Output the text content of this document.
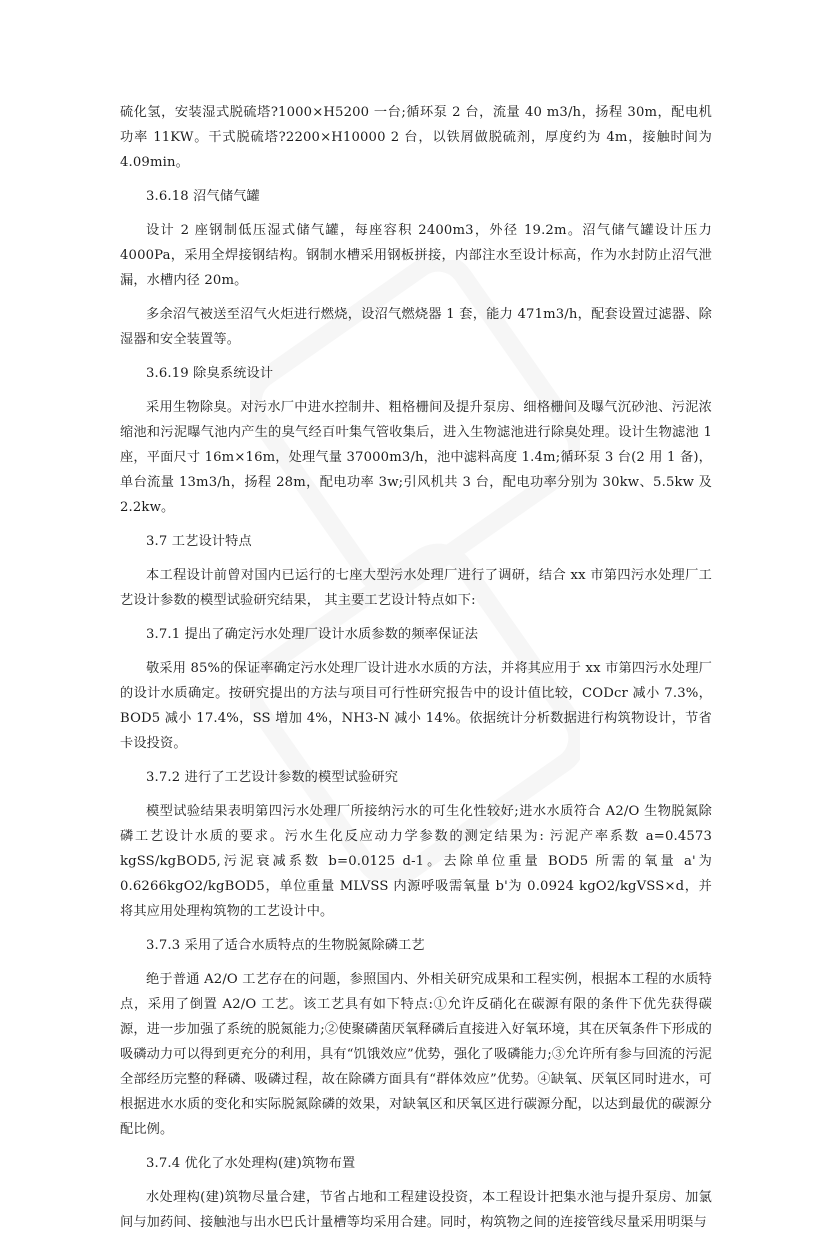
硫化氢，安装湿式脱硫塔?1000×H5200 一台;循环泵 2 台，流量 40 m3/h，扬程 30m，配电机功率 11KW。干式脱硫塔?2200×H10000 2 台，以铁屑做脱硫剂，厚度约为 4m，接触时间为 4.09min。

3.6.18 沼气储气罐

设计 2 座钢制低压湿式储气罐，每座容积 2400m3，外径 19.2m。沼气储气罐设计压力 4000Pa，采用全焊接钢结构。钢制水槽采用钢板拼接，内部注水至设计标高，作为水封防止沼气泄漏，水槽内径 20m。

多余沼气被送至沼气火炬进行燃烧，设沼气燃烧器 1 套，能力 471m3/h，配套设置过滤器、除湿器和安全装置等。

3.6.19 除臭系统设计

采用生物除臭。对污水厂中进水控制井、粗格栅间及提升泵房、细格栅间及曝气沉砂池、污泥浓缩池和污泥曝气池内产生的臭气经百叶集气管收集后，进入生物滤池进行除臭处理。设计生物滤池 1 座，平面尺寸 16m×16m，处理气量 37000m3/h，池中滤料高度 1.4m;循环泵 3 台(2 用 1 备)，单台流量 13m3/h，扬程 28m，配电功率 3w;引风机共 3 台，配电功率分别为 30kw、5.5kw 及 2.2kw。

3.7 工艺设计特点

本工程设计前曾对国内已运行的七座大型污水处理厂进行了调研，结合 xx 市第四污水处理厂工艺设计参数的模型试验研究结果， 其主要工艺设计特点如下:

3.7.1 提出了确定污水处理厂设计水质参数的频率保证法

敬采用 85%的保证率确定污水处理厂设计进水水质的方法，并将其应用于 xx 市第四污水处理厂的设计水质确定。按研究提出的方法与项目可行性研究报告中的设计值比较，CODcr 减小 7.3%，BOD5 减小 17.4%，SS 增加 4%，NH3-N 减小 14%。依据统计分析数据进行构筑物设计，节省卡设投资。

3.7.2 进行了工艺设计参数的模型试验研究

模型试验结果表明第四污水处理厂所接纳污水的可生化性较好;进水水质符合 A2/O 生物脱氮除磷工艺设计水质的要求。污水生化反应动力学参数的测定结果为: 污泥产率系数 a=0.4573 kgSS/kgBOD5,污泥衰减系数 b=0.0125 d-1。去除单位重量 BOD5 所需的氧量 a'为 0.6266kgO2/kgBOD5，单位重量 MLVSS 内源呼吸需氧量 b'为 0.0924 kgO2/kgVSS×d，并将其应用处理构筑物的工艺设计中。

3.7.3 采用了适合水质特点的生物脱氮除磷工艺

绝于普通 A2/O 工艺存在的问题，参照国内、外相关研究成果和工程实例，根据本工程的水质特点，采用了倒置 A2/O 工艺。该工艺具有如下特点:①允许反硝化在碳源有限的条件下优先获得碳源，进一步加强了系统的脱氮能力;②使聚磷菌厌氧释磷后直接进入好氧环境，其在厌氧条件下形成的吸磷动力可以得到更充分的利用，具有“饥饿效应”优势，强化了吸磷能力;③允许所有参与回流的污泥全部经历完整的释磷、吸磷过程，故在除磷方面具有“群体效应”优势。④缺氧、厌氧区同时进水，可根据进水水质的变化和实际脱氮除磷的效果，对缺氧区和厌氧区进行碳源分配，以达到最优的碳源分配比例。

3.7.4 优化了水处理构(建)筑物布置

水处理构(建)筑物尽量合建，节省占地和工程建设投资，本工程设计把集水池与提升泵房、加氯间与加药间、接触池与出水巴氏计量槽等均采用合建。同时，构筑物之间的连接管线尽量采用明渠与
